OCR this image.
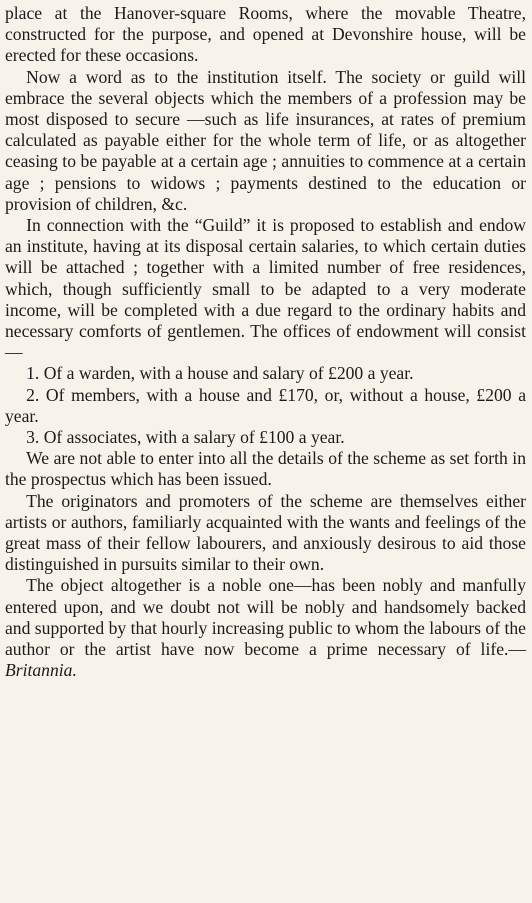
place at the Hanover-square Rooms, where the movable Theatre, constructed for the purpose, and opened at Devonshire house, will be erected for these occasions.

Now a word as to the institution itself. The society or guild will embrace the several objects which the members of a profession may be most disposed to secure —such as life insurances, at rates of premium calculated as payable either for the whole term of life, or as altogether ceasing to be payable at a certain age ; annuities to commence at a certain age ; pensions to widows ; payments destined to the education or provision of children, &c.

In connection with the “Guild” it is proposed to establish and endow an institute, having at its disposal certain salaries, to which certain duties will be attached ; together with a limited number of free residences, which, though sufficiently small to be adapted to a very moderate income, will be completed with a due regard to the ordinary habits and necessary comforts of gentlemen. The offices of endowment will consist—

1. Of a warden, with a house and salary of £200 a year.

2. Of members, with a house and £170, or, without a house, £200 a year.

3. Of associates, with a salary of £100 a year.

We are not able to enter into all the details of the scheme as set forth in the prospectus which has been issued.

The originators and promoters of the scheme are themselves either artists or authors, familiarly acquainted with the wants and feelings of the great mass of their fellow labourers, and anxiously desirous to aid those distinguished in pursuits similar to their own.

The object altogether is a noble one—has been nobly and manfully entered upon, and we doubt not will be nobly and handsomely backed and supported by that hourly increasing public to whom the labours of the author or the artist have now become a prime necessary of life.—Britannia.
